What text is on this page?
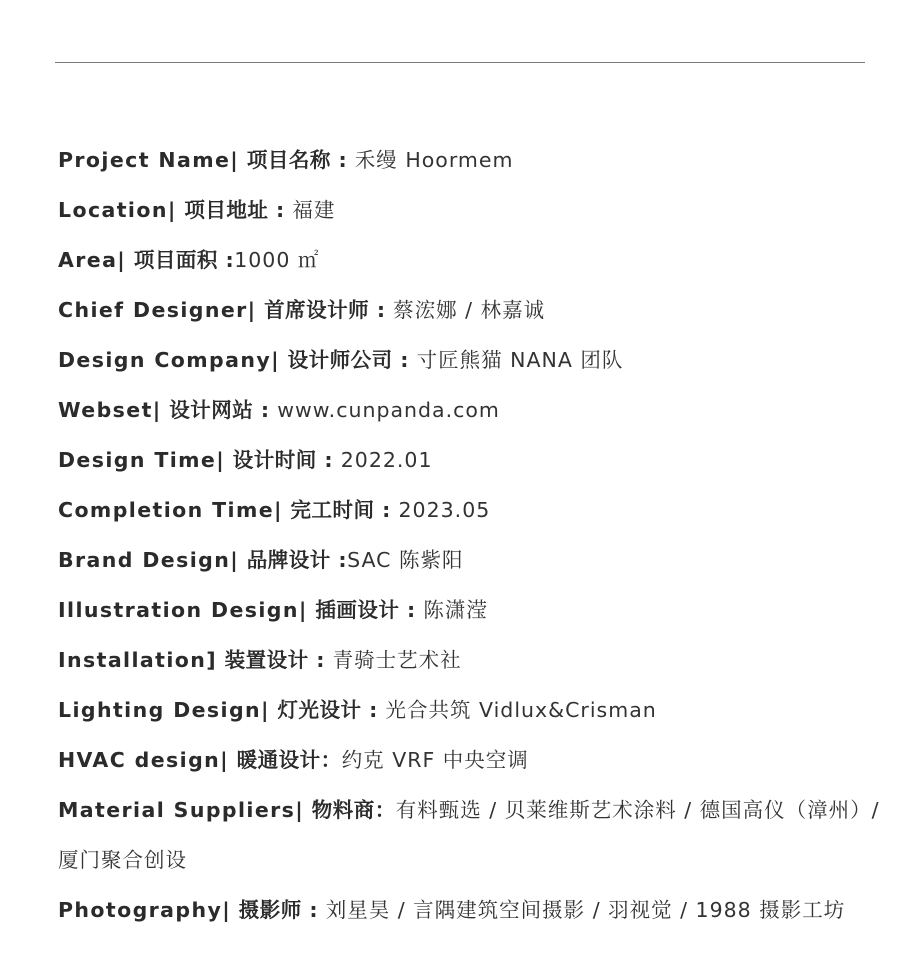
Project Name| 项目名称 : 禾缦 Hoormem
Location| 项目地址 : 福建
Area| 项目面积 :1000 ㎡
Chief Designer| 首席设计师 : 蔡浤娜 / 林嘉诚
Design Company| 设计师公司 : 寸匠熊猫 NANA 团队
Webset| 设计网站 : www.cunpanda.com
Design Time| 设计时间 : 2022.01
Completion Time| 完工时间 : 2023.05
Brand Design| 品牌设计 :SAC 陈紫阳
Illustration Design| 插画设计 : 陈潇滢
Installation] 装置设计 : 青骑士艺术社
Lighting Design| 灯光设计 : 光合共筑 Vidlux&Crisman
HVAC design| 暖通设计：约克 VRF 中央空调
Material Suppliers| 物料商：有料甄选 / 贝莱维斯艺术涂料 / 德国高仪（漳州）/
厦门聚合创设
Photography| 摄影师 : 刘星昊 / 言隅建筑空间摄影 / 羽视觉 / 1988 摄影工坊
